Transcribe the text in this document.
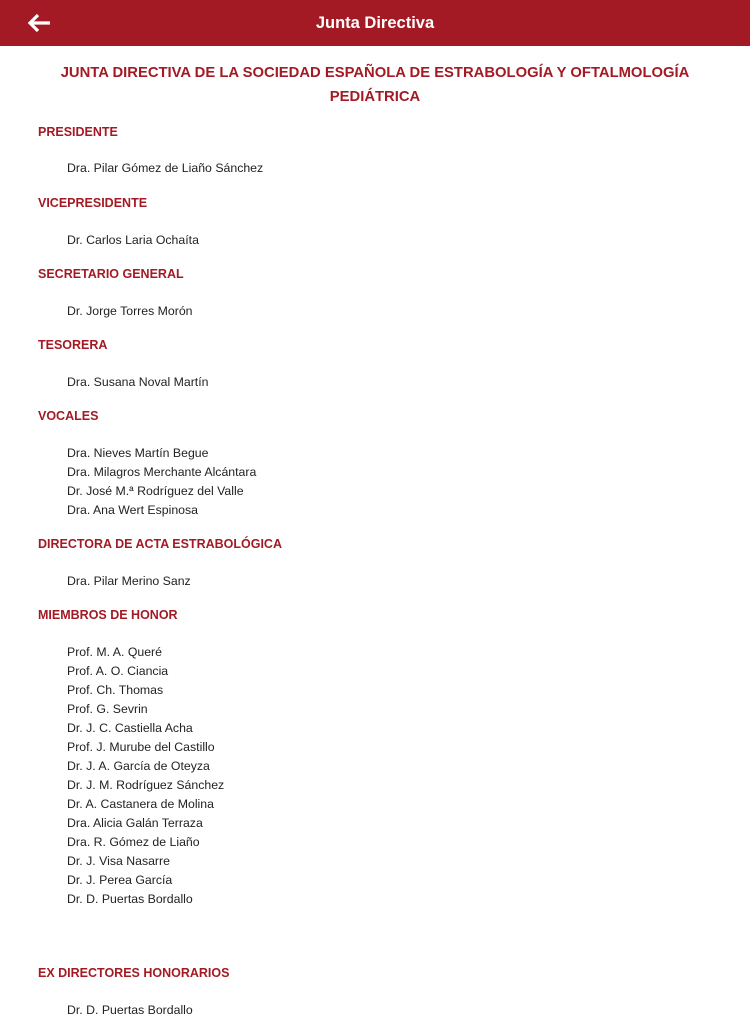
Junta Directiva
JUNTA DIRECTIVA DE LA SOCIEDAD ESPAÑOLA DE ESTRABOLOGÍA Y OFTALMOLOGÍA PEDIÁTRICA
PRESIDENTE
Dra. Pilar Gómez de Liaño Sánchez
VICEPRESIDENTE
Dr. Carlos Laria Ochaíta
SECRETARIO GENERAL
Dr. Jorge Torres Morón
TESORERA
Dra. Susana Noval Martín
VOCALES
Dra. Nieves Martín Begue
Dra. Milagros Merchante Alcántara
Dr. José M.ª Rodríguez del Valle
Dra. Ana Wert Espinosa
DIRECTORA DE ACTA ESTRABOLÓGICA
Dra. Pilar Merino Sanz
MIEMBROS DE HONOR
Prof. M. A. Queré
Prof. A. O. Ciancia
Prof. Ch. Thomas
Prof. G. Sevrin
Dr. J. C. Castiella Acha
Prof. J. Murube del Castillo
Dr. J. A. García de Oteyza
Dr. J. M. Rodríguez Sánchez
Dr. A. Castanera de Molina
Dra. Alicia Galán Terraza
Dra. R. Gómez de Liaño
Dr. J. Visa Nasarre
Dr. J. Perea García
Dr. D. Puertas Bordallo
EX DIRECTORES HONORARIOS
Dr. D. Puertas Bordallo
